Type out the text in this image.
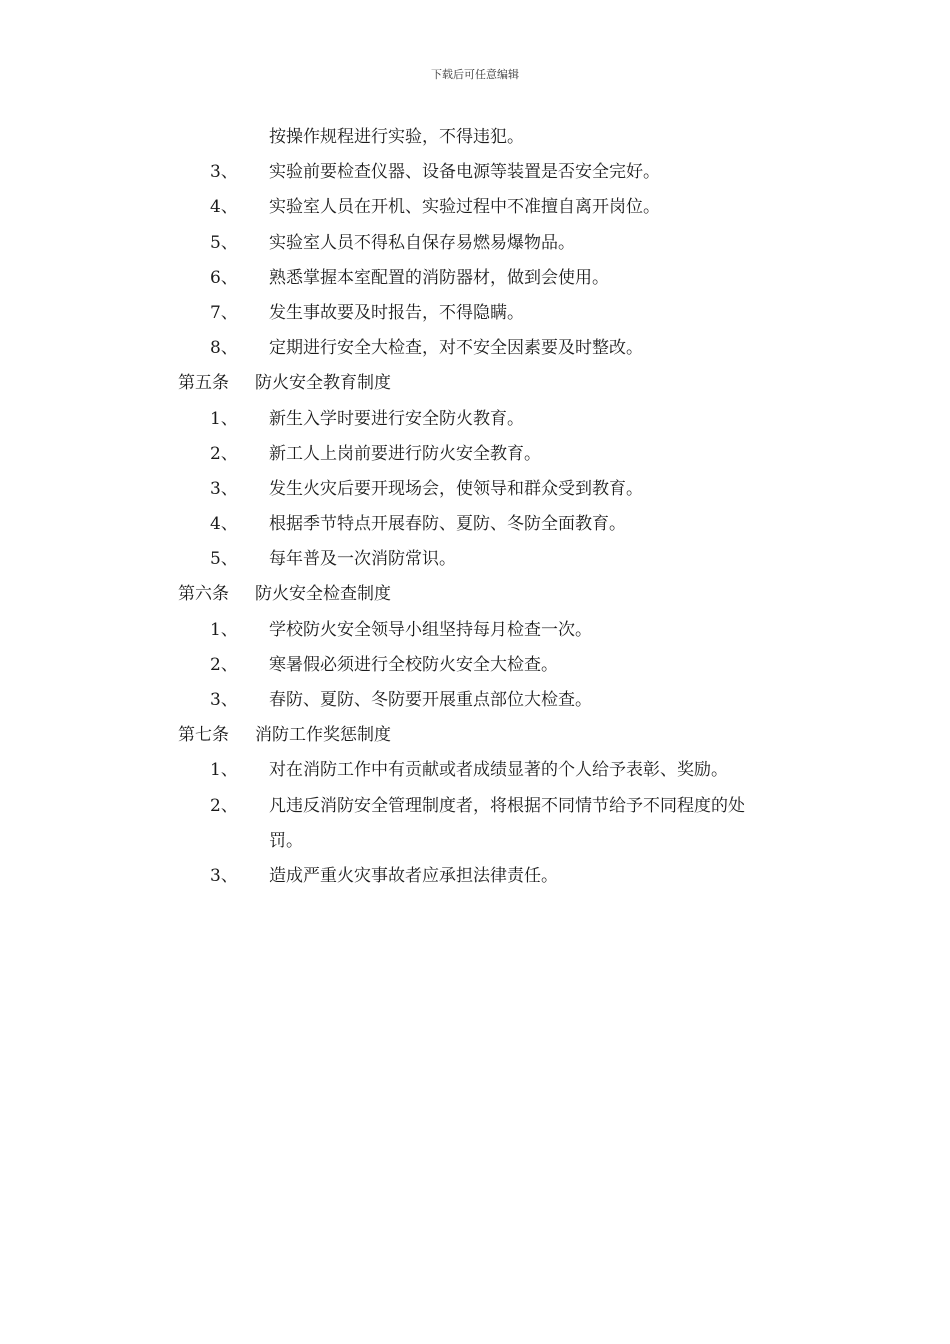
下载后可任意编辑
按操作规程进行实验，不得违犯。
3、 实验前要检查仪器、设备电源等装置是否安全完好。
4、 实验室人员在开机、实验过程中不准擅自离开岗位。
5、 实验室人员不得私自保存易燃易爆物品。
6、 熟悉掌握本室配置的消防器材，做到会使用。
7、 发生事故要及时报告，不得隐瞒。
8、 定期进行安全大检查，对不安全因素要及时整改。
第五条 防火安全教育制度
1、 新生入学时要进行安全防火教育。
2、 新工人上岗前要进行防火安全教育。
3、 发生火灾后要开现场会，使领导和群众受到教育。
4、 根据季节特点开展春防、夏防、冬防全面教育。
5、 每年普及一次消防常识。
第六条 防火安全检查制度
1、 学校防火安全领导小组坚持每月检查一次。
2、 寒暑假必须进行全校防火安全大检查。
3、 春防、夏防、冬防要开展重点部位大检查。
第七条 消防工作奖惩制度
1、 对在消防工作中有贡献或者成绩显著的个人给予表彰、奖励。
2、 凡违反消防安全管理制度者，将根据不同情节给予不同程度的处
罚。
3、 造成严重火灾事故者应承担法律责任。
